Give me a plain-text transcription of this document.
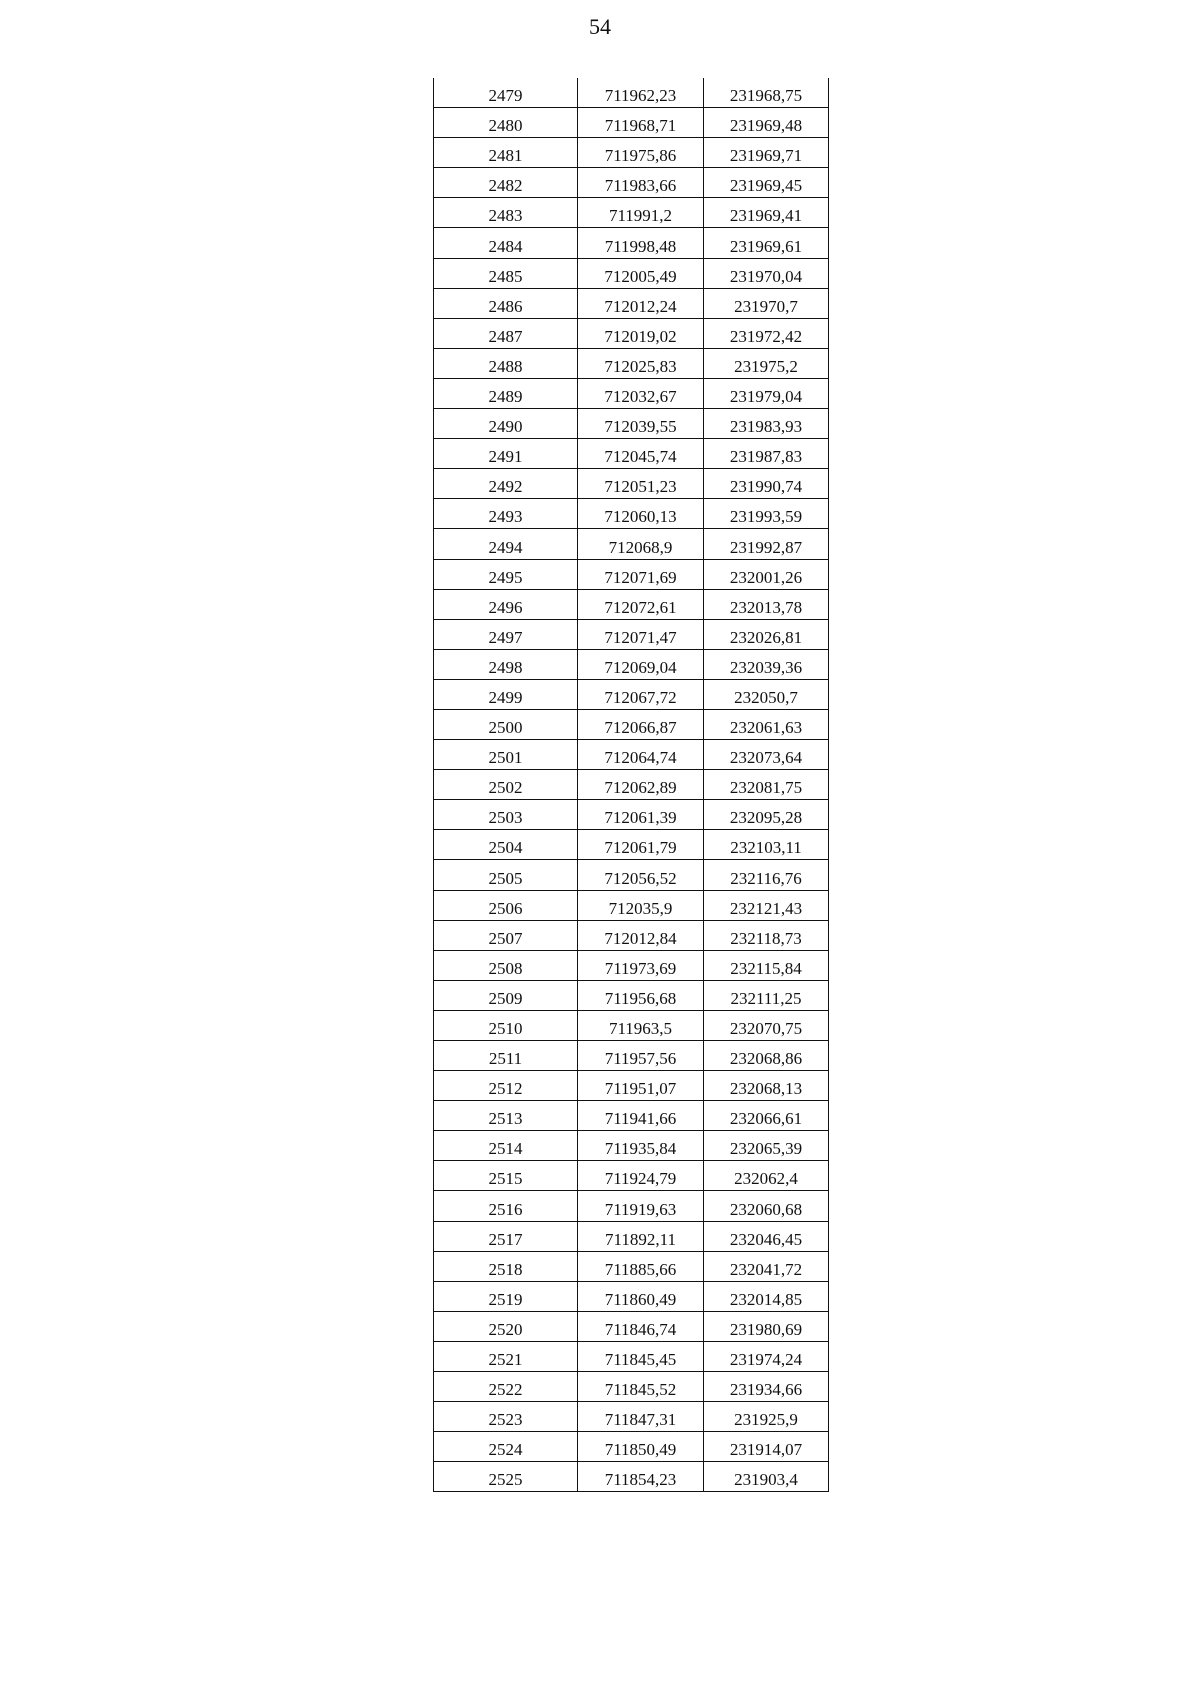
54
2479	711962,23	231968,75
2480	711968,71	231969,48
2481	711975,86	231969,71
2482	711983,66	231969,45
2483	711991,2	231969,41
2484	711998,48	231969,61
2485	712005,49	231970,04
2486	712012,24	231970,7
2487	712019,02	231972,42
2488	712025,83	231975,2
2489	712032,67	231979,04
2490	712039,55	231983,93
2491	712045,74	231987,83
2492	712051,23	231990,74
2493	712060,13	231993,59
2494	712068,9	231992,87
2495	712071,69	232001,26
2496	712072,61	232013,78
2497	712071,47	232026,81
2498	712069,04	232039,36
2499	712067,72	232050,7
2500	712066,87	232061,63
2501	712064,74	232073,64
2502	712062,89	232081,75
2503	712061,39	232095,28
2504	712061,79	232103,11
2505	712056,52	232116,76
2506	712035,9	232121,43
2507	712012,84	232118,73
2508	711973,69	232115,84
2509	711956,68	232111,25
2510	711963,5	232070,75
2511	711957,56	232068,86
2512	711951,07	232068,13
2513	711941,66	232066,61
2514	711935,84	232065,39
2515	711924,79	232062,4
2516	711919,63	232060,68
2517	711892,11	232046,45
2518	711885,66	232041,72
2519	711860,49	232014,85
2520	711846,74	231980,69
2521	711845,45	231974,24
2522	711845,52	231934,66
2523	711847,31	231925,9
2524	711850,49	231914,07
2525	711854,23	231903,4
